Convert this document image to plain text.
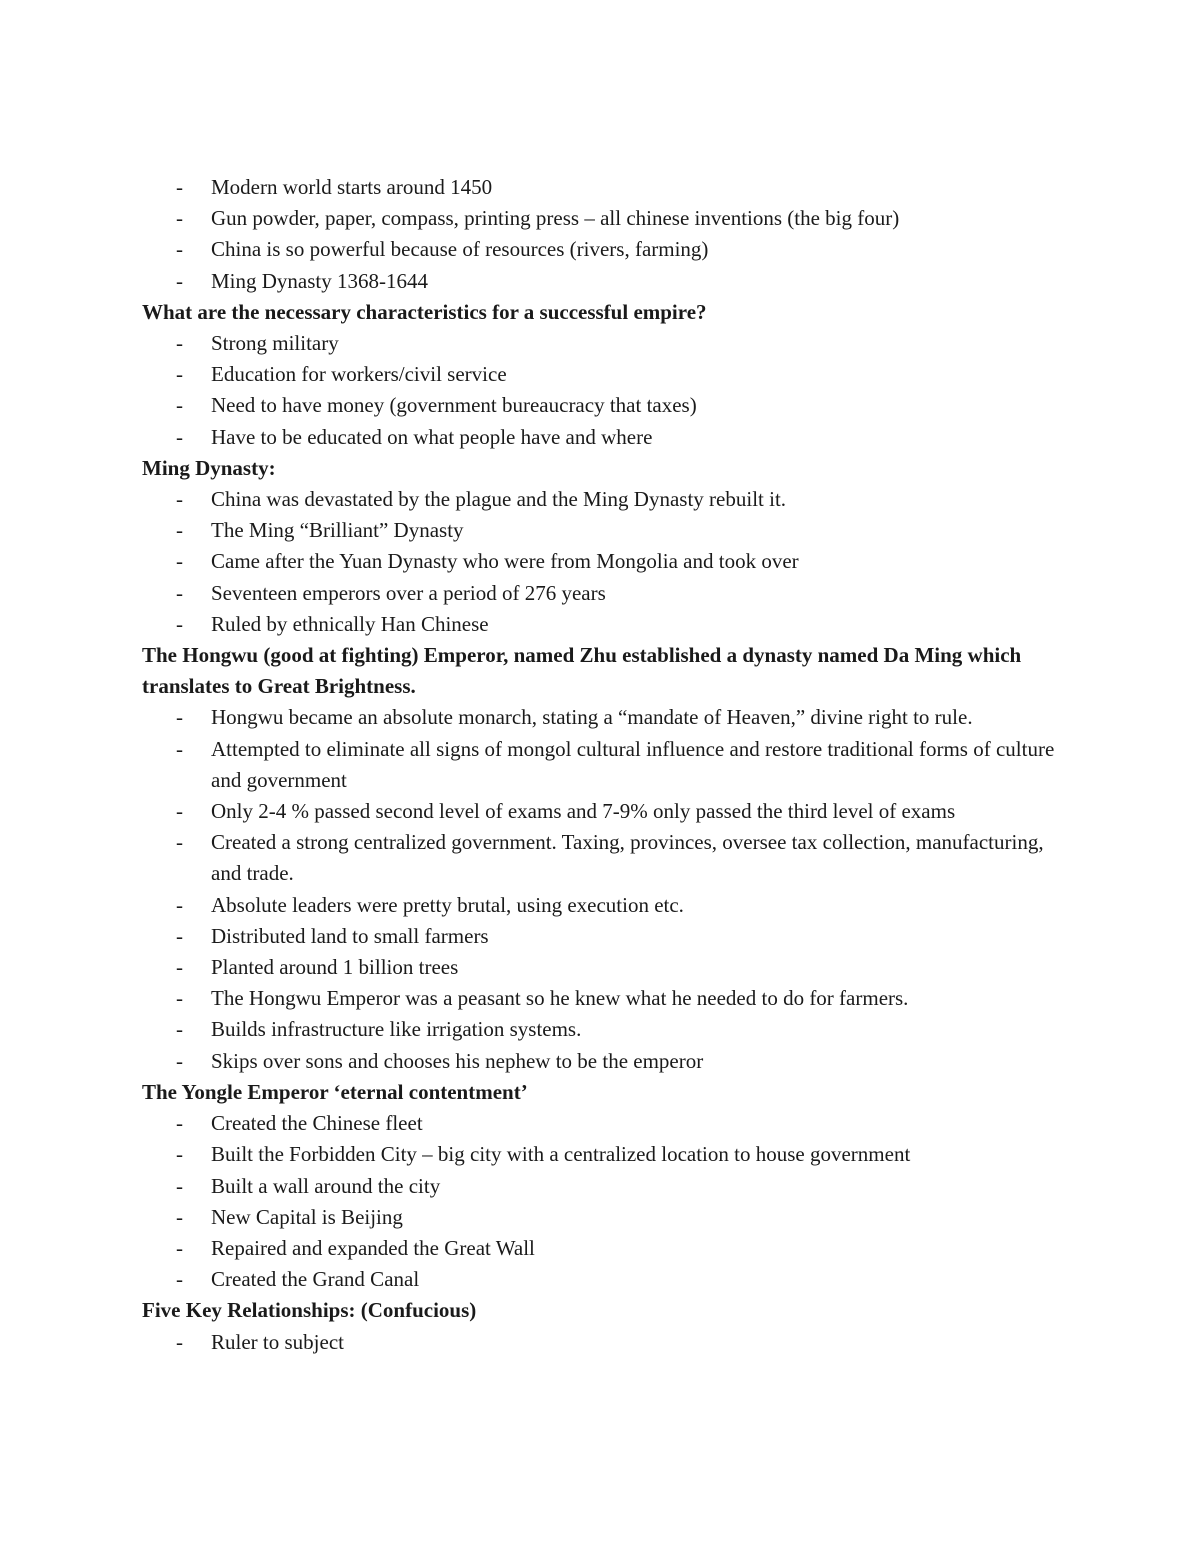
- Modern world starts around 1450
- Gun powder, paper, compass, printing press – all chinese inventions (the big four)
- China is so powerful because of resources (rivers, farming)
- Ming Dynasty 1368-1644

What are the necessary characteristics for a successful empire?

- Strong military
- Education for workers/civil service
- Need to have money (government bureaucracy that taxes)
- Have to be educated on what people have and where

Ming Dynasty:

- China was devastated by the plague and the Ming Dynasty rebuilt it.
- The Ming “Brilliant” Dynasty
- Came after the Yuan Dynasty who were from Mongolia and took over
- Seventeen emperors over a period of 276 years
- Ruled by ethnically Han Chinese

The Hongwu (good at fighting) Emperor, named Zhu established a dynasty named Da Ming which translates to Great Brightness.

- Hongwu became an absolute monarch, stating a “mandate of Heaven,” divine right to rule.
- Attempted to eliminate all signs of mongol cultural influence and restore traditional forms of culture and government
- Only 2-4 % passed second level of exams and 7-9% only passed the third level of exams
- Created a strong centralized government. Taxing, provinces, oversee tax collection, manufacturing, and trade.
- Absolute leaders were pretty brutal, using execution etc.
- Distributed land to small farmers
- Planted around 1 billion trees
- The Hongwu Emperor was a peasant so he knew what he needed to do for farmers.
- Builds infrastructure like irrigation systems.
- Skips over sons and chooses his nephew to be the emperor

The Yongle Emperor ‘eternal contentment’

- Created the Chinese fleet
- Built the Forbidden City – big city with a centralized location to house government
- Built a wall around the city
- New Capital is Beijing
- Repaired and expanded the Great Wall
- Created the Grand Canal

Five Key Relationships: (Confucious)

- Ruler to subject
